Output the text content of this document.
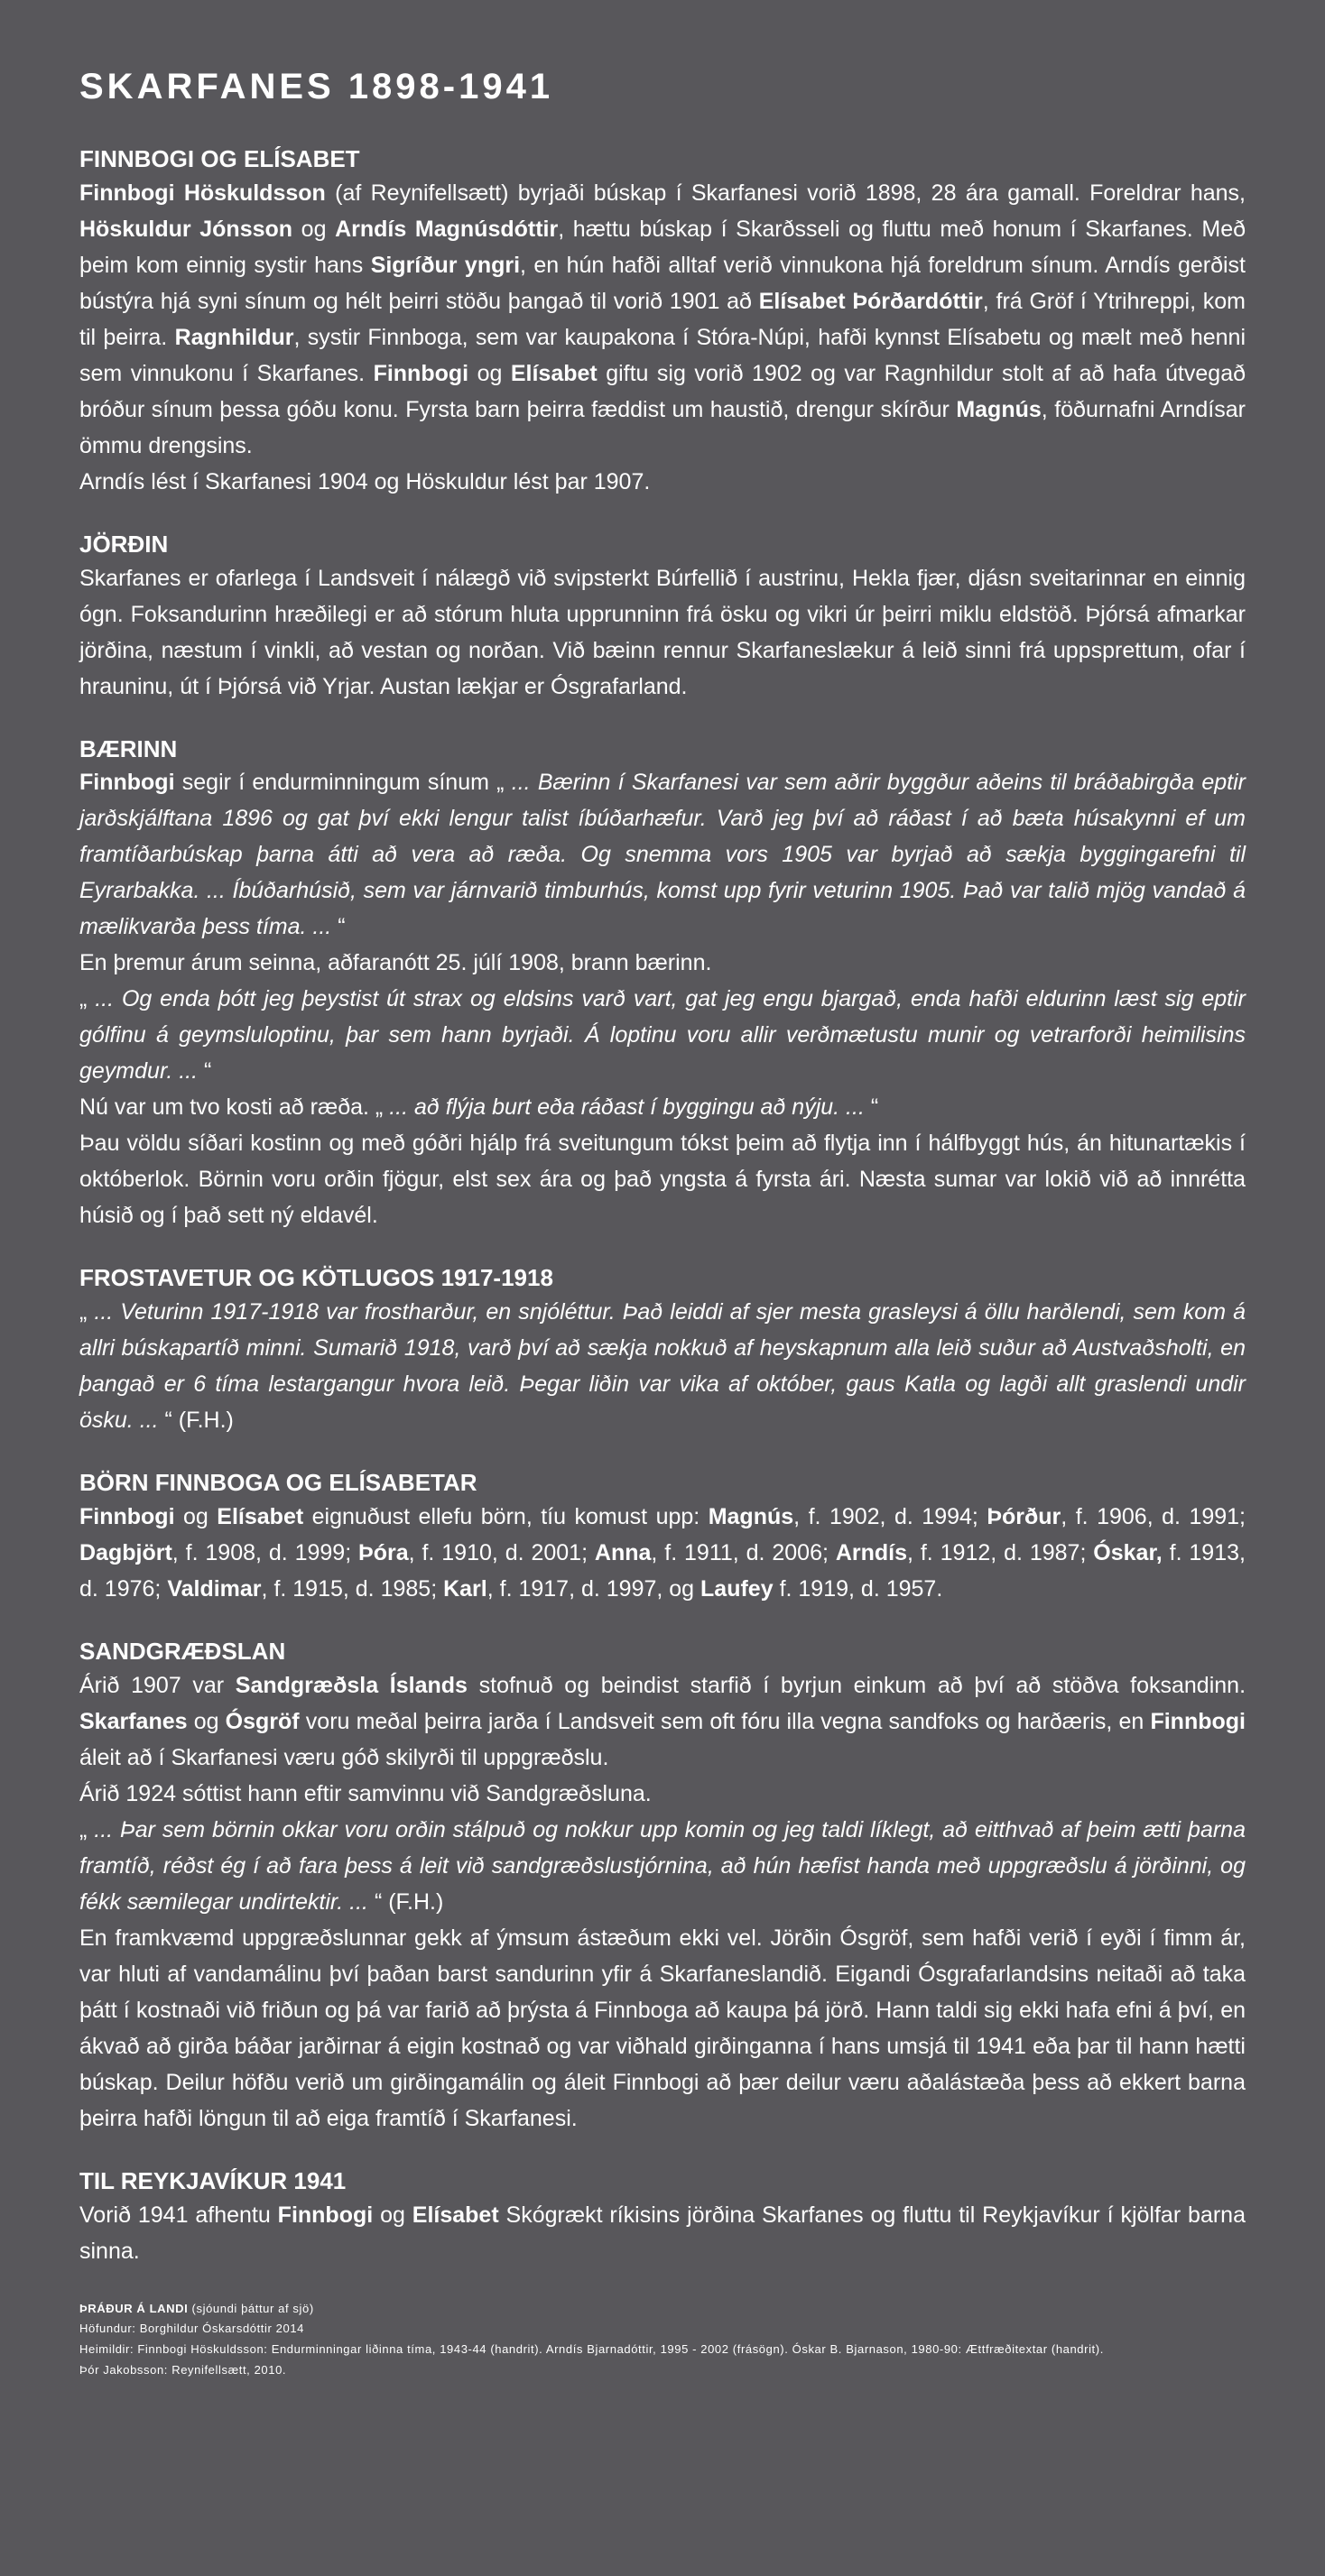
SKARFANES 1898-1941
FINNBOGI OG ELÍSABET

Finnbogi Höskuldsson (af Reynifellsætt) byrjaði búskap í Skarfanesi vorið 1898, 28 ára gamall. Foreldrar hans, Höskuldur Jónsson og Arndís Magnúsdóttir, hættu búskap í Skarðsseli og fluttu með honum í Skarfanes. Með þeim kom einnig systir hans Sigríður yngri, en hún hafði alltaf verið vinnukona hjá foreldrum sínum. Arndís gerðist bústýra hjá syni sínum og hélt þeirri stöðu þangað til vorið 1901 að Elísabet Þórðardóttir, frá Gröf í Ytrihreppi, kom til þeirra. Ragnhildur, systir Finnboga, sem var kaupakona í Stóra-Núpi, hafði kynnst Elísabetu og mælt með henni sem vinnukonu í Skarfanes. Finnbogi og Elísabet giftu sig vorið 1902 og var Ragnhildur stolt af að hafa útvegað bróður sínum þessa góðu konu. Fyrsta barn þeirra fæddist um haustið, drengur skírður Magnús, föðurnafni Arndísar ömmu drengsins.

Arndís lést í Skarfanesi 1904 og Höskuldur lést þar 1907.

JÖRÐIN

Skarfanes er ofarlega í Landsveit í nálægð við svipsterkt Búrfellið í austrinu, Hekla fjær, djásn sveitarinnar en einnig ógn. Foksandurinn hræðilegi er að stórum hluta upprunninn frá ösku og vikri úr þeirri miklu eldstöð. Þjórsá afmarkar jörðina, næstum í vinkli, að vestan og norðan. Við bæinn rennur Skarfaneslækur á leið sinni frá uppsprettum, ofar í hrauninu, út í Þjórsá við Yrjar. Austan lækjar er Ósgrafarland.

BÆRINN

Finnbogi segir í endurminningum sínum „ ... Bærinn í Skarfanesi var sem aðrir byggður aðeins til bráðabirgða eptir jarðskjálftana 1896 og gat því ekki lengur talist íbúðarhæfur. Varð jeg því að ráðast í að bæta húsakynni ef um framtíðarbúskap þarna átti að vera að ræða. Og snemma vors 1905 var byrjað að sækja byggingarefni til Eyrarbakka. ... Íbúðarhúsið, sem var járnvarið timburhús, komst upp fyrir veturinn 1905. Það var talið mjög vandað á mælikvarða þess tíma. ... “

En þremur árum seinna, aðfaranótt 25. júlí 1908, brann bærinn.

„ ... Og enda þótt jeg þeystist út strax og eldsins varð vart, gat jeg engu bjargað, enda hafði eldurinn læst sig eptir gólfinu á geymsluloptinu, þar sem hann byrjaði. Á loptinu voru allir verðmætustu munir og vetrarforði heimilisins geymdur. ... “

Nú var um tvo kosti að ræða. „ ... að flýja burt eða ráðast í byggingu að nýju. ... “

Þau völdu síðari kostinn og með góðri hjálp frá sveitungum tókst þeim að flytja inn í hálfbyggt hús, án hitunartækis í októberlok. Börnin voru orðin fjögur, elst sex ára og það yngsta á fyrsta ári. Næsta sumar var lokið við að innrétta húsið og í það sett ný eldavél.

FROSTAVETUR OG KÖTLUGOS 1917-1918

„ ... Veturinn 1917-1918 var frostharður, en snjóléttur. Það leiddi af sjer mesta grasleysi á öllu harðlendi, sem kom á allri búskapartíð minni. Sumarið 1918, varð því að sækja nokkuð af heyskapnum alla leið suður að Austvaðsholti, en þangað er 6 tíma lestargangur hvora leið. Þegar liðin var vika af október, gaus Katla og lagði allt graslendi undir ösku. ... “ (F.H.)

BÖRN FINNBOGA OG ELÍSABETAR

Finnbogi og Elísabet eignuðust ellefu börn, tíu komust upp: Magnús, f. 1902, d. 1994; Þórður, f. 1906, d. 1991; Dagbjört, f. 1908, d. 1999; Þóra, f. 1910, d. 2001; Anna, f. 1911, d. 2006; Arndís, f. 1912, d. 1987; Óskar, f. 1913, d. 1976; Valdimar, f. 1915, d. 1985; Karl, f. 1917, d. 1997, og Laufey f. 1919, d. 1957.

SANDGRÆÐSLAN

Árið 1907 var Sandgræðsla Íslands stofnuð og beindist starfið í byrjun einkum að því að stöðva foksandinn. Skarfanes og Ósgröf voru meðal þeirra jarða í Landsveit sem oft fóru illa vegna sandfoks og harðæris, en Finnbogi áleit að í Skarfanesi væru góð skilyrði til uppgræðslu.

Árið 1924 sóttist hann eftir samvinnu við Sandgræðsluna.

„ ... Þar sem börnin okkar voru orðin stálpuð og nokkur upp komin og jeg taldi líklegt, að eitthvað af þeim ætti þarna framtíð, réðst ég í að fara þess á leit við sandgræðslustjórnina, að hún hæfist handa með uppgræðslu á jörðinni, og fékk sæmilegar undirtektir. ... “ (F.H.)

En framkvæmd uppgræðslunnar gekk af ýmsum ástæðum ekki vel. Jörðin Ósgröf, sem hafði verið í eyði í fimm ár, var hluti af vandamálinu því þaðan barst sandurinn yfir á Skarfaneslandið. Eigandi Ósgrafarlandsins neitaði að taka þátt í kostnaði við friðun og þá var farið að þrýsta á Finnboga að kaupa þá jörð. Hann taldi sig ekki hafa efni á því, en ákvað að girða báðar jarðirnar á eigin kostnað og var viðhald girðinganna í hans umsjá til 1941 eða þar til hann hætti búskap. Deilur höfðu verið um girðingamálin og áleit Finnbogi að þær deilur væru aðalástæða þess að ekkert barna þeirra hafði löngun til að eiga framtíð í Skarfanesi.

TIL REYKJAVÍKUR 1941

Vorið 1941 afhentu Finnbogi og Elísabet Skógrækt ríkisins jörðina Skarfanes og fluttu til Reykjavíkur í kjölfar barna sinna.

ÞRÁÐUR Á LANDI (sjóundi þáttur af sjö)
Höfundur: Borghildur Óskarsdóttir 2014
Heimildir: Finnbogi Höskuldsson: Endurminningar liðinna tíma, 1943-44 (handrit). Arndís Bjarnadóttir, 1995 - 2002 (frásögn). Óskar B. Bjarnason, 1980-90: Ættfræðitextar (handrit).
Þór Jakobsson: Reynifellsætt, 2010.
